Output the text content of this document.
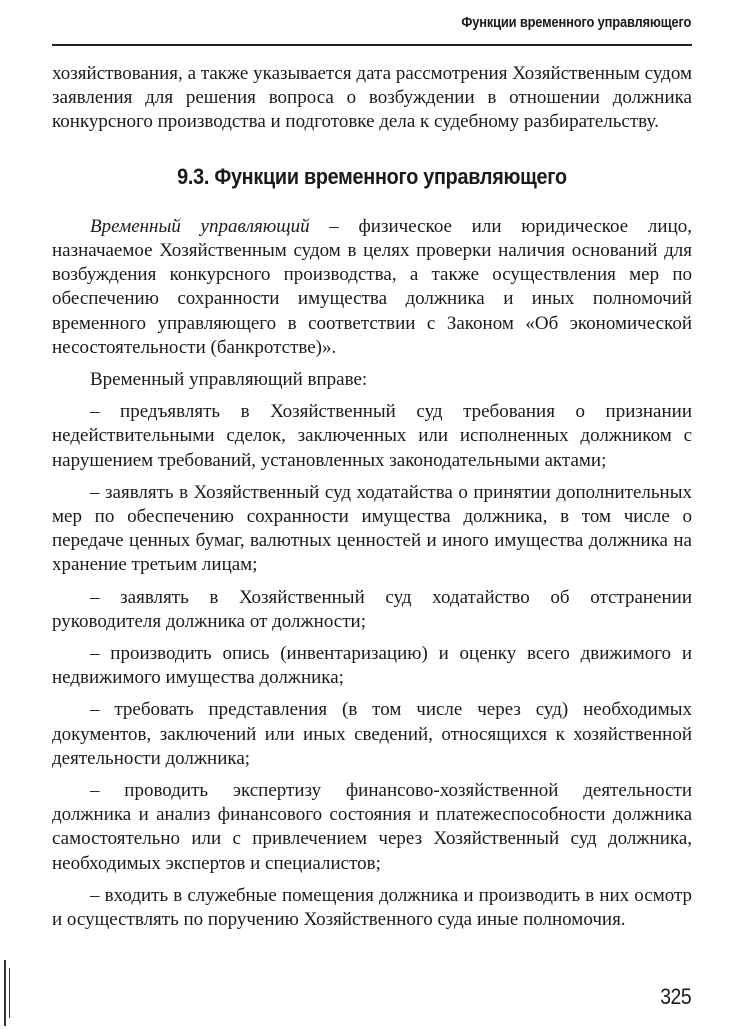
Функции временного управляющего

хозяйствования, а также указывается дата рассмотрения Хозяйственным судом заявления для решения вопроса о возбуждении в отношении должника конкурсного производства и подготовке дела к судебному разбирательству.

9.3. Функции временного управляющего

Временный управляющий – физическое или юридическое лицо, назначаемое Хозяйственным судом в целях проверки наличия оснований для возбуждения конкурсного производства, а также осуществления мер по обеспечению сохранности имущества должника и иных полномочий временного управляющего в соответствии с Законом «Об экономической несостоятельности (банкротстве)».

Временный управляющий вправе:

– предъявлять в Хозяйственный суд требования о признании недействительными сделок, заключенных или исполненных должником с нарушением требований, установленных законодательными актами;

– заявлять в Хозяйственный суд ходатайства о принятии дополнительных мер по обеспечению сохранности имущества должника, в том числе о передаче ценных бумаг, валютных ценностей и иного имущества должника на хранение третьим лицам;

– заявлять в Хозяйственный суд ходатайство об отстранении руководителя должника от должности;

– производить опись (инвентаризацию) и оценку всего движимого и недвижимого имущества должника;

– требовать представления (в том числе через суд) необходимых документов, заключений или иных сведений, относящихся к хозяйственной деятельности должника;

– проводить экспертизу финансово-хозяйственной деятельности должника и анализ финансового состояния и платежеспособности должника самостоятельно или с привлечением через Хозяйственный суд должника, необходимых экспертов и специалистов;

– входить в служебные помещения должника и производить в них осмотр и осуществлять по поручению Хозяйственного суда иные полномочия.

325
